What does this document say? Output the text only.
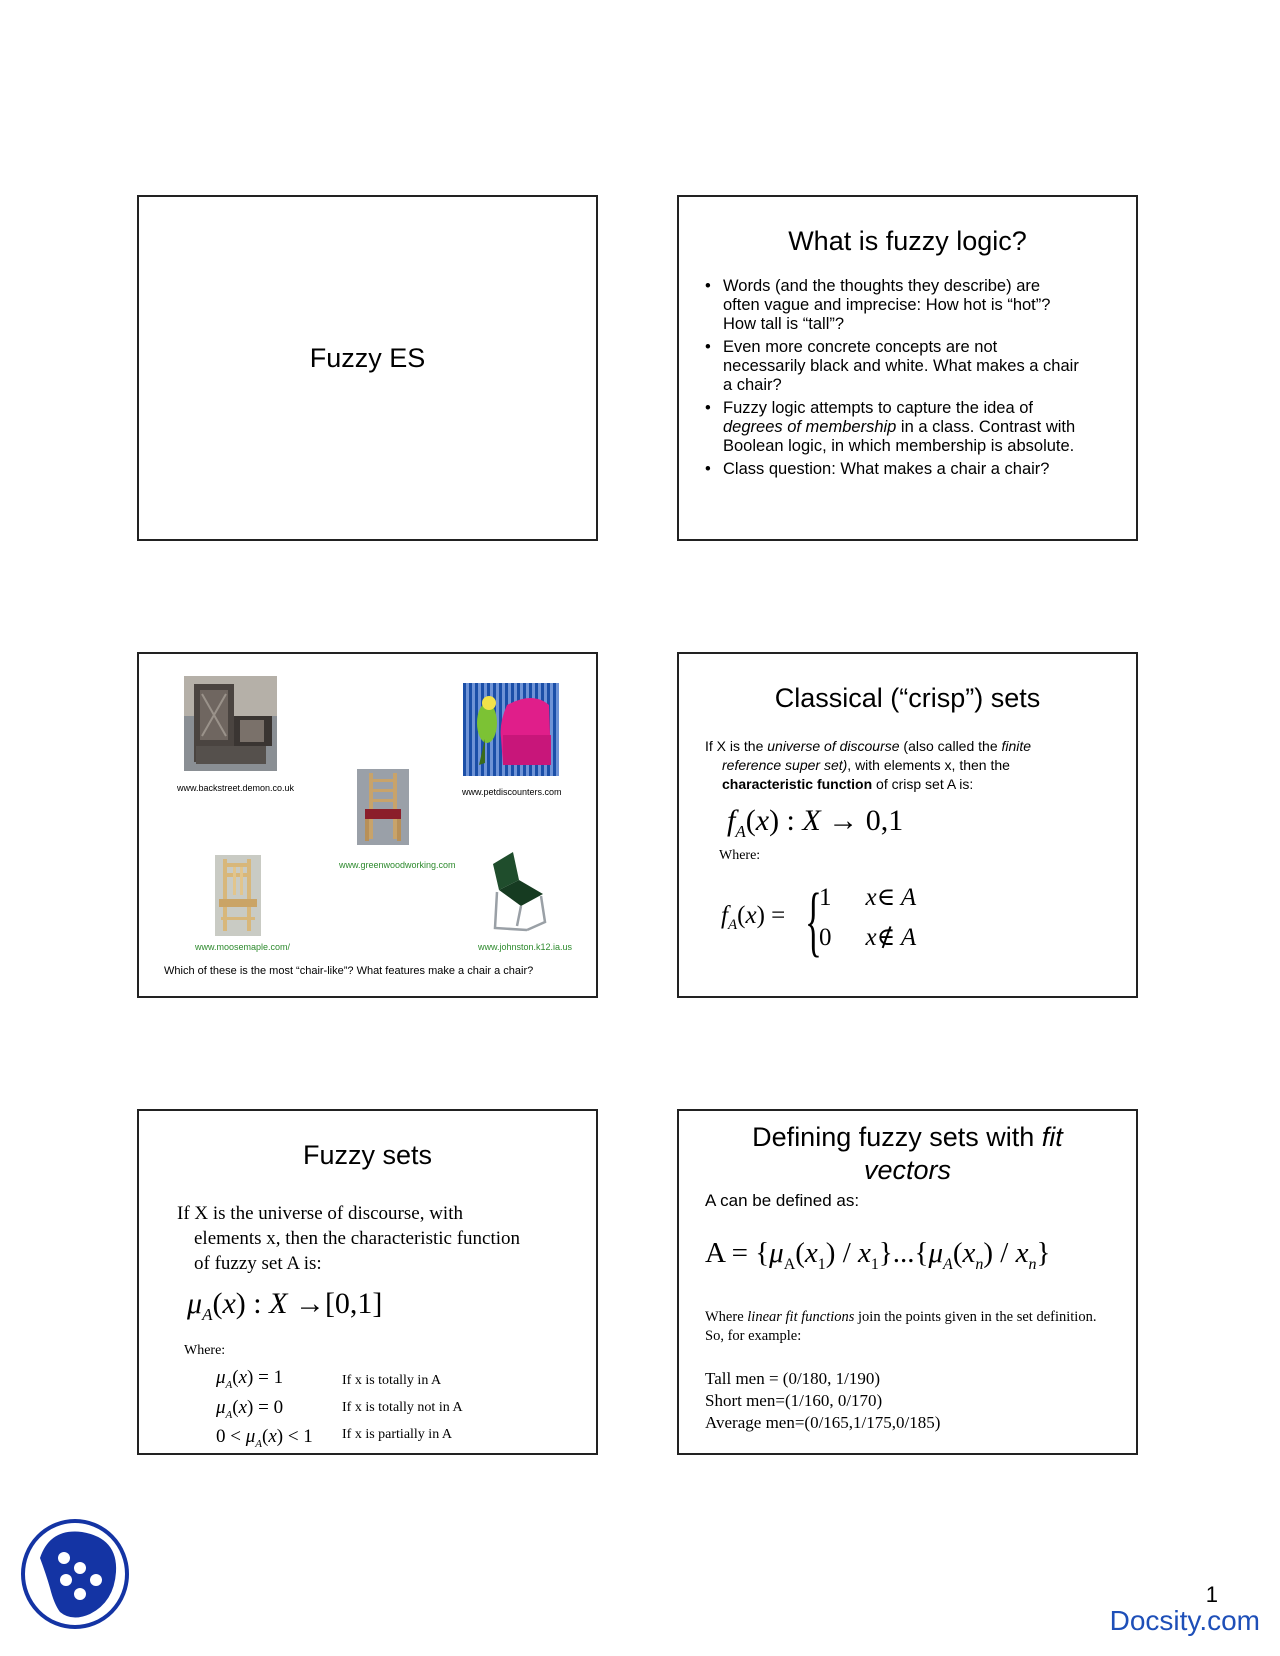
Fuzzy ES
What is fuzzy logic?
• Words (and the thoughts they describe) are
often vague and imprecise: How hot is “hot”?
How tall is “tall”?
• Even more concrete concepts are not
necessarily black and white. What makes a chair
a chair?
• Fuzzy logic attempts to capture the idea of
degrees of membership in a class. Contrast with
Boolean logic, in which membership is absolute.
• Class question: What makes a chair a chair?
www.backstreet.demon.co.uk	www.petdiscounters.com
www.greenwoodworking.com
www.moosemaple.com/	www.johnston.k12.ia.us
Which of these is the most “chair-like”? What features make a chair a chair?
Classical (“crisp”) sets
If X is the universe of discourse (also called the finite
reference super set), with elements x, then the
characteristic function of crisp set A is:
$f_A(x)$ : X → 0,1
Where:
$f_A(x)$ = {
1 x∈ A
0 x∉ A
Fuzzy sets
If X is the universe of discourse, with
elements x, then the characteristic function
of fuzzy set A is:
$\mu_A(x)$ : X →[0,1]
Where:
$\mu_A(x) = 1$
$\mu_A(x) = 0$
$0 < \mu_A(x) < 1$
If x is totally in A
If x is totally not in A
If x is partially in A
Defining fuzzy sets with fit
vectors
A can be defined as:
$A = \{\mu_A(x_1) / x_1\}...\{\mu_A(x_n) / x_n\}$
Where linear fit functions join the points given in the set definition.
So, for example:
Tall men = (0/180, 1/190)
Short men=(1/160, 0/170)
Average men=(0/165,1/175,0/185)
1
Docsity.com
